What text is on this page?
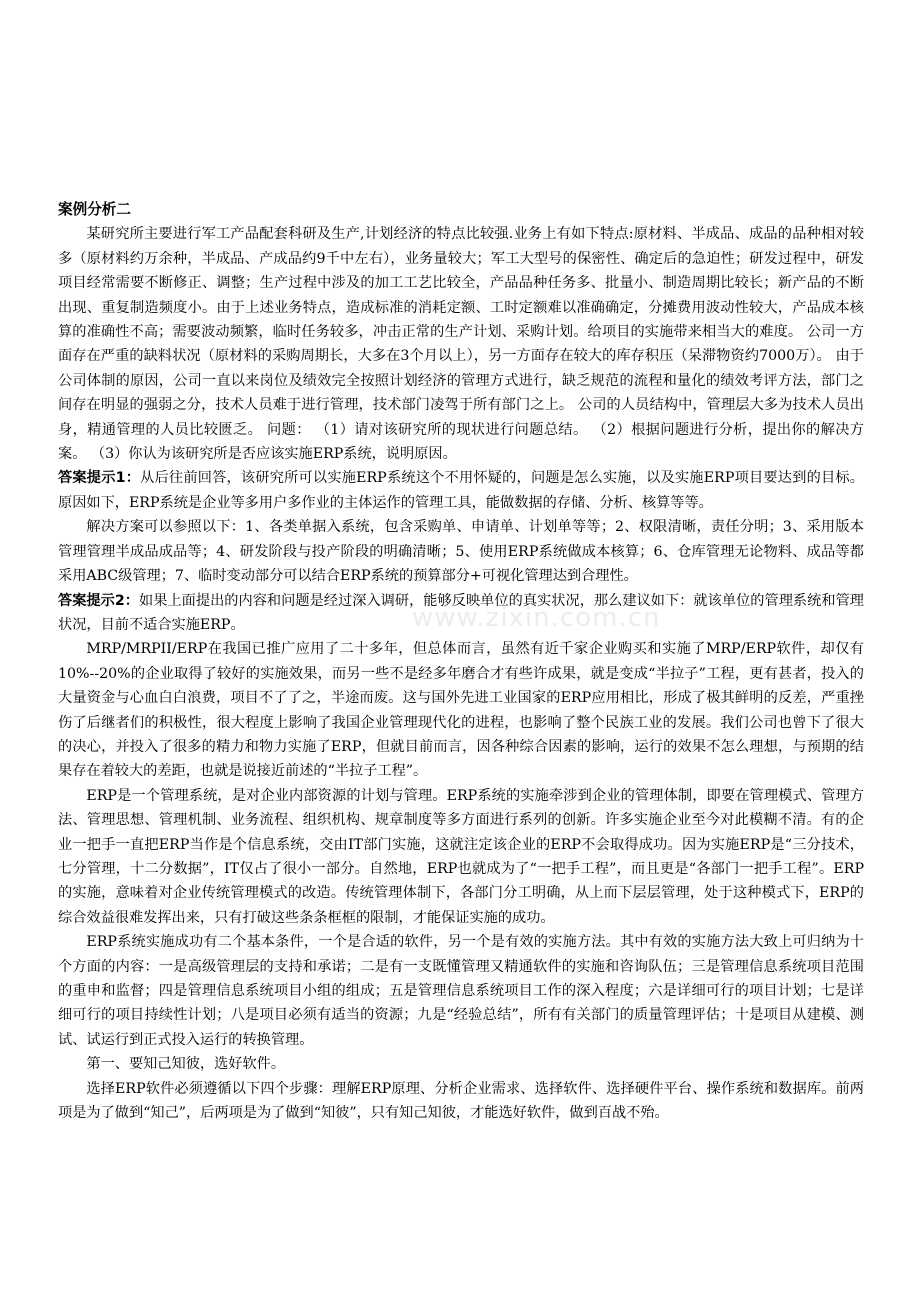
案例分析二

某研究所主要进行军工产品配套科研及生产,计划经济的特点比较强.业务上有如下特点:原材料、半成品、成品的品种相对较多（原材料约万余种，半成品、产成品约9千中左右），业务量较大；军工大型号的保密性、确定后的急迫性；研发过程中，研发项目经常需要不断修正、调整；生产过程中涉及的加工工艺比较全，产品品种任务多、批量小、制造周期比较长；新产品的不断出现、重复制造频度小。由于上述业务特点，造成标准的消耗定额、工时定额难以准确确定，分摊费用波动性较大，产品成本核算的准确性不高；需要波动频繁，临时任务较多，冲击正常的生产计划、采购计划。给项目的实施带来相当大的难度。 公司一方面存在严重的缺料状况（原材料的采购周期长，大多在3个月以上），另一方面存在较大的库存积压（呆滞物资约7000万）。 由于公司体制的原因，公司一直以来岗位及绩效完全按照计划经济的管理方式进行，缺乏规范的流程和量化的绩效考评方法，部门之间存在明显的强弱之分，技术人员难于进行管理，技术部门凌驾于所有部门之上。 公司的人员结构中，管理层大多为技术人员出身，精通管理的人员比较匮乏。 问题： （1）请对该研究所的现状进行问题总结。 （2）根据问题进行分析，提出你的解决方案。 （3）你认为该研究所是否应该实施ERP系统，说明原因。

答案提示1：从后往前回答，该研究所可以实施ERP系统这个不用怀疑的，问题是怎么实施，以及实施ERP项目要达到的目标。原因如下，ERP系统是企业等多用户多作业的主体运作的管理工具，能做数据的存储、分析、核算等等。

解决方案可以参照以下：1、各类单据入系统，包含采购单、申请单、计划单等等；2、权限清晰，责任分明；3、采用版本管理管理半成品成品等；4、研发阶段与投产阶段的明确清晰；5、使用ERP系统做成本核算；6、仓库管理无论物料、成品等都采用ABC级管理；7、临时变动部分可以结合ERP系统的预算部分+可视化管理达到合理性。

答案提示2：如果上面提出的内容和问题是经过深入调研，能够反映单位的真实状况，那么建议如下：就该单位的管理系统和管理状况，目前不适合实施ERP。

MRP/MRPII/ERP在我国已推广应用了二十多年，但总体而言，虽然有近千家企业购买和实施了MRP/ERP软件，却仅有10%--20%的企业取得了较好的实施效果，而另一些不是经多年磨合才有些许成果，就是变成“半拉子”工程，更有甚者，投入的大量资金与心血白白浪费，项目不了了之，半途而废。这与国外先进工业国家的ERP应用相比，形成了极其鲜明的反差，严重挫伤了后继者们的积极性，很大程度上影响了我国企业管理现代化的进程，也影响了整个民族工业的发展。我们公司也曾下了很大的决心，并投入了很多的精力和物力实施了ERP，但就目前而言，因各种综合因素的影响，运行的效果不怎么理想，与预期的结果存在着较大的差距，也就是说接近前述的“半拉子工程”。

ERP是一个管理系统，是对企业内部资源的计划与管理。ERP系统的实施牵涉到企业的管理体制，即要在管理模式、管理方法、管理思想、管理机制、业务流程、组织机构、规章制度等多方面进行系列的创新。许多实施企业至今对此模糊不清。有的企业一把手一直把ERP当作是个信息系统，交由IT部门实施，这就注定该企业的ERP不会取得成功。因为实施ERP是“三分技术，七分管理，十二分数据”，IT仅占了很小一部分。自然地，ERP也就成为了“一把手工程”，而且更是“各部门一把手工程”。ERP的实施，意味着对企业传统管理模式的改造。传统管理体制下，各部门分工明确，从上而下层层管理，处于这种模式下，ERP的综合效益很难发挥出来，只有打破这些条条框框的限制，才能保证实施的成功。

ERP系统实施成功有二个基本条件，一个是合适的软件，另一个是有效的实施方法。其中有效的实施方法大致上可归纳为十个方面的内容：一是高级管理层的支持和承诺；二是有一支既懂管理又精通软件的实施和咨询队伍；三是管理信息系统项目范围的重申和监督；四是管理信息系统项目小组的组成；五是管理信息系统项目工作的深入程度；六是详细可行的项目计划；七是详细可行的项目持续性计划；八是项目必须有适当的资源；九是“经验总结”，所有有关部门的质量管理评估；十是项目从建模、测试、试运行到正式投入运行的转换管理。

第一、要知己知彼，选好软件。

选择ERP软件必须遵循以下四个步骤：理解ERP原理、分析企业需求、选择软件、选择硬件平台、操作系统和数据库。前两项是为了做到“知己”，后两项是为了做到“知彼”，只有知己知彼，才能选好软件，做到百战不殆。

www.zixin.com.cn
